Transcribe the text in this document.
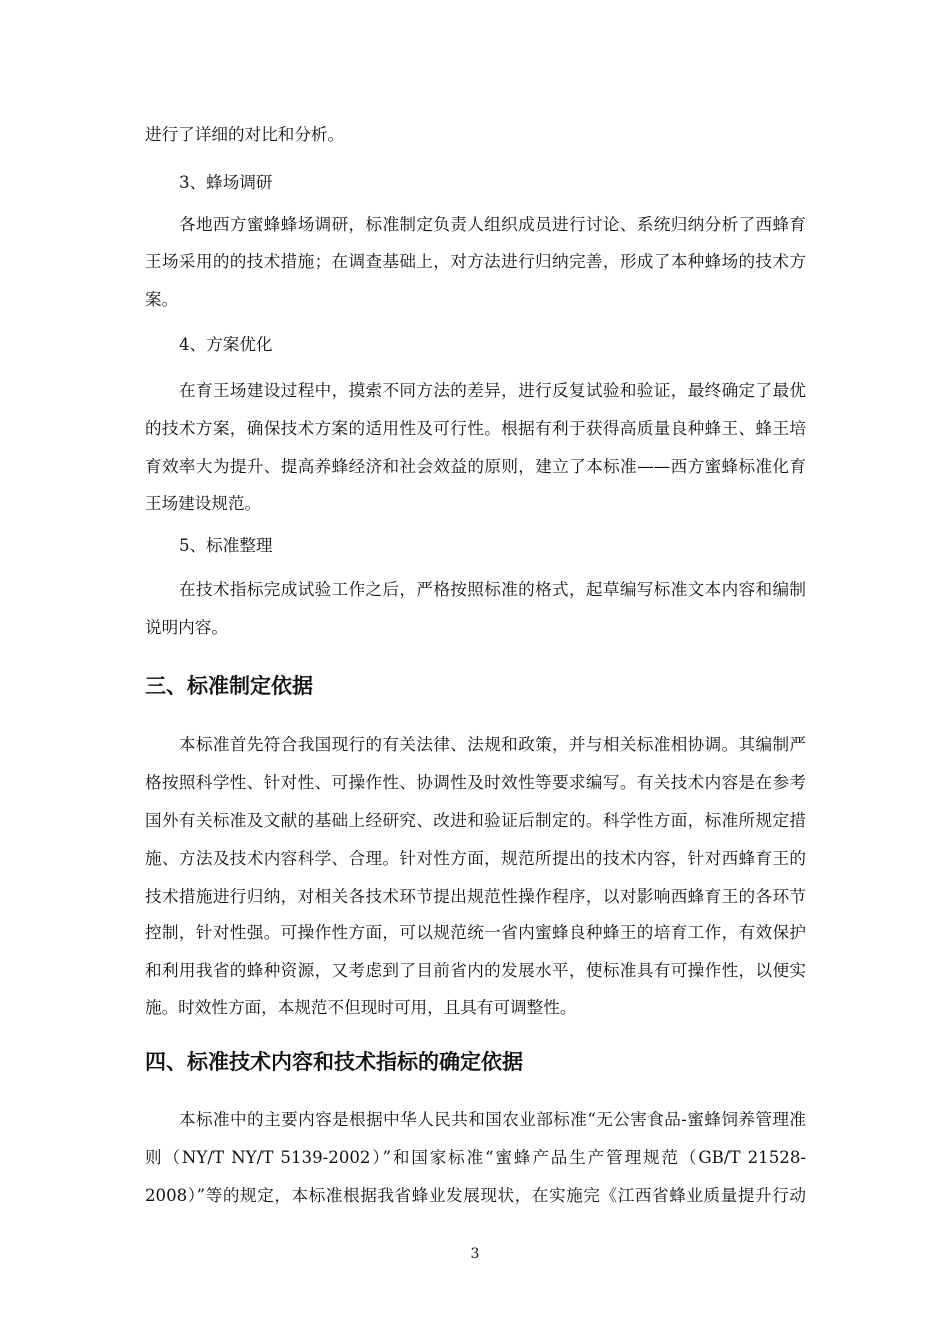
进行了详细的对比和分析。
3、蜂场调研
各地西方蜜蜂蜂场调研，标准制定负责人组织成员进行讨论、系统归纳分析了西蜂育
王场采用的的技术措施；在调查基础上，对方法进行归纳完善，形成了本种蜂场的技术方
案。
4、方案优化
在育王场建设过程中，摸索不同方法的差异，进行反复试验和验证，最终确定了最优
的技术方案，确保技术方案的适用性及可行性。根据有利于获得高质量良种蜂王、蜂王培
育效率大为提升、提高养蜂经济和社会效益的原则，建立了本标准——西方蜜蜂标准化育
王场建设规范。
5、标准整理
在技术指标完成试验工作之后，严格按照标准的格式，起草编写标准文本内容和编制
说明内容。
三、标准制定依据
本标准首先符合我国现行的有关法律、法规和政策，并与相关标准相协调。其编制严
格按照科学性、针对性、可操作性、协调性及时效性等要求编写。有关技术内容是在参考
国外有关标准及文献的基础上经研究、改进和验证后制定的。科学性方面，标准所规定措
施、方法及技术内容科学、合理。针对性方面，规范所提出的技术内容，针对西蜂育王的
技术措施进行归纳，对相关各技术环节提出规范性操作程序，以对影响西蜂育王的各环节
控制，针对性强。可操作性方面，可以规范统一省内蜜蜂良种蜂王的培育工作，有效保护
和利用我省的蜂种资源，又考虑到了目前省内的发展水平，使标准具有可操作性，以便实
施。时效性方面，本规范不但现时可用，且具有可调整性。
四、标准技术内容和技术指标的确定依据
本标准中的主要内容是根据中华人民共和国农业部标准“无公害食品-蜜蜂饲养管理准
则（NY/T NY/T 5139-2002）”和国家标准“蜜蜂产品生产管理规范（GB/T 21528-
2008）”等的规定，本标准根据我省蜂业发展现状，在实施完《江西省蜂业质量提升行动
3
